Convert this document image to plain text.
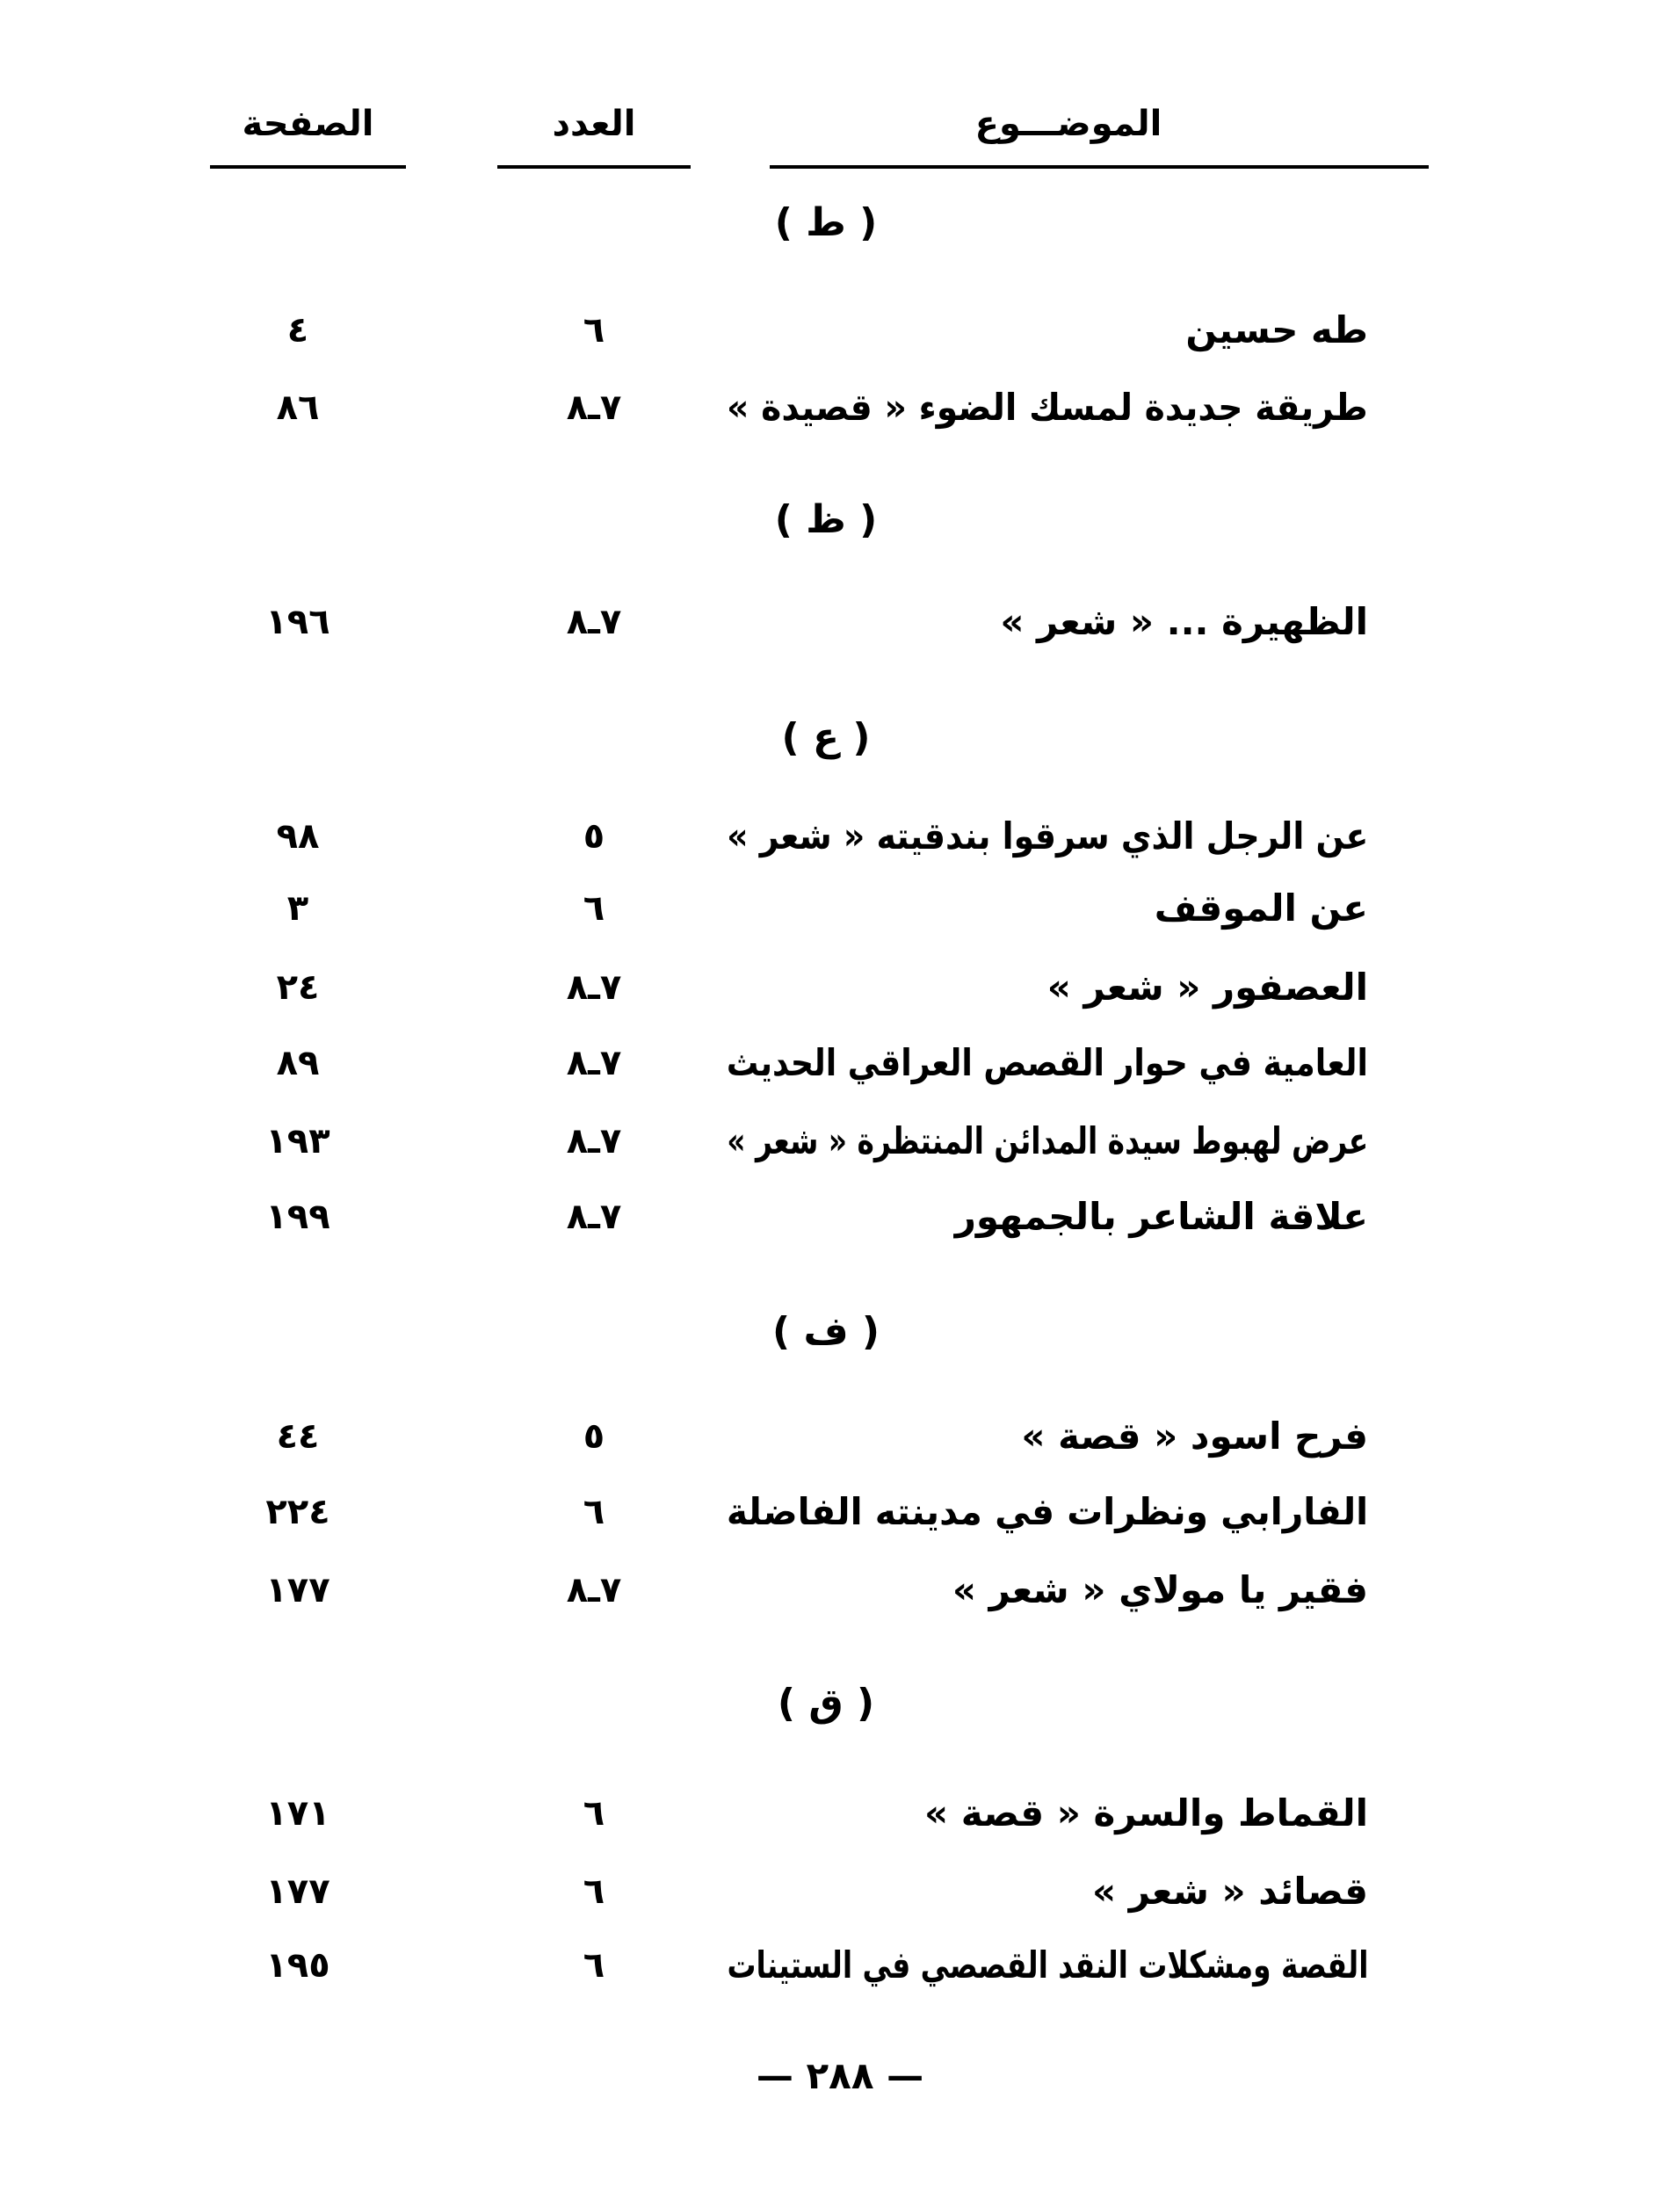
الموضـــوع
العدد
الصفحة
( ط )
طه حسين
٦
٤
طريقة جديدة لمسك الضوء « قصيدة »
٧ـ٨
٨٦
( ظ )
الظهيرة ... « شعر »
٧ـ٨
١٩٦
( ع )
عن الرجل الذي سرقوا بندقيته « شعر »
٥
٩٨
عن الموقف
٦
٣
العصفور « شعر »
٧ـ٨
٢٤
العامية في حوار القصص العراقي الحديث
٧ـ٨
٨٩
عرض لهبوط سيدة المدائن المنتظرة « شعر »
٧ـ٨
١٩٣
علاقة الشاعر بالجمهور
٧ـ٨
١٩٩
( ف )
فرح اسود « قصة »
٥
٤٤
الفارابي ونظرات في مدينته الفاضلة
٦
٢٢٤
فقير يا مولاي « شعر »
٧ـ٨
١٧٧
( ق )
القماط والسرة « قصة »
٦
١٧١
قصائد « شعر »
٦
١٧٧
القصة ومشكلات النقد القصصي في الستينات
٦
١٩٥
— ٢٨٨ —
